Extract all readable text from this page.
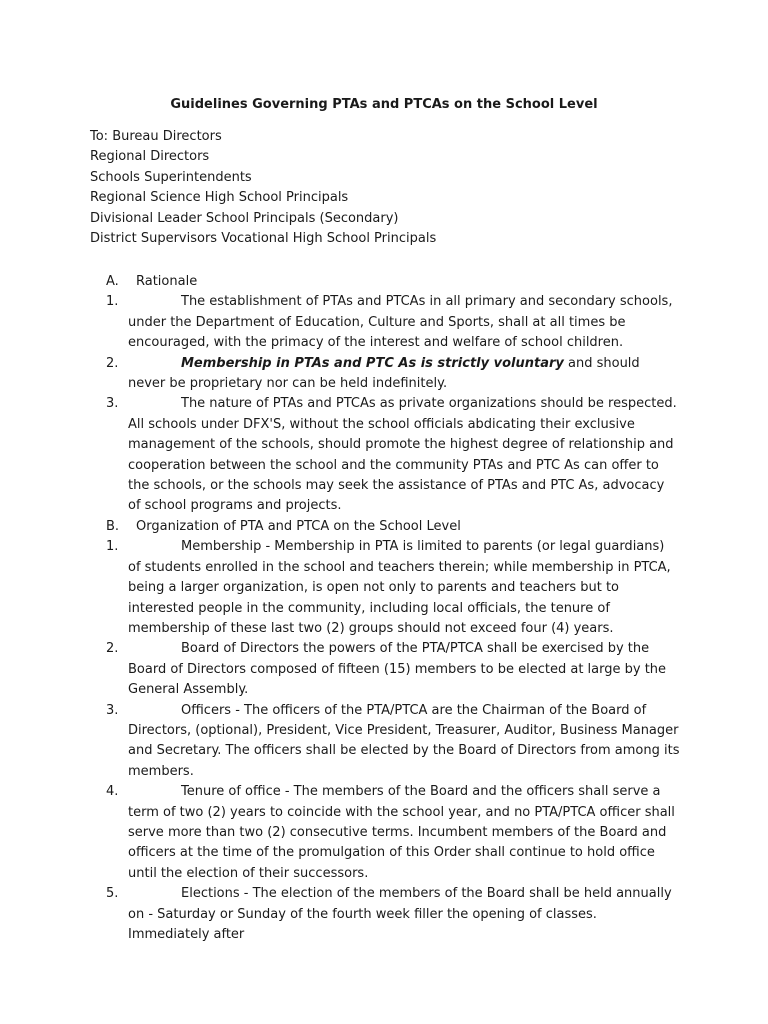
Guidelines Governing PTAs and PTCAs on the School Level
To: Bureau Directors
Regional Directors
Schools Superintendents
Regional Science High School Principals
Divisional Leader School Principals (Secondary)
District Supervisors Vocational High School Principals
A. Rationale
1.	The establishment of PTAs and PTCAs in all primary and secondary schools, under the Department of Education, Culture and Sports, shall at all times be encouraged, with the primacy of the interest and welfare of school children.
2.	Membership in PTAs and PTC As is strictly voluntary and should never be proprietary nor can be held indefinitely.
3.	The nature of PTAs and PTCAs as private organizations should be respected. All schools under DFX'S, without the school officials abdicating their exclusive management of the schools, should promote the highest degree of relationship and cooperation between the school and the community PTAs and PTC As can offer to the schools, or the schools may seek the assistance of PTAs and PTC As, advocacy of school programs and projects.
B. Organization of PTA and PTCA on the School Level
1.	Membership - Membership in PTA is limited to parents (or legal guardians) of students enrolled in the school and teachers therein; while membership in PTCA, being a larger organization, is open not only to parents and teachers but to interested people in the community, including local officials, the tenure of membership of these last two (2) groups should not exceed four (4) years.
2.	Board of Directors the powers of the PTA/PTCA shall be exercised by the Board of Directors composed of fifteen (15) members to be elected at large by the General Assembly.
3.	Officers - The officers of the PTA/PTCA are the Chairman of the Board of Directors, (optional), President, Vice President, Treasurer, Auditor, Business Manager and Secretary. The officers shall be elected by the Board of Directors from among its members.
4.	Tenure of office - The members of the Board and the officers shall serve a term of two (2) years to coincide with the school year, and no PTA/PTCA officer shall serve more than two (2) consecutive terms. Incumbent members of the Board and officers at the time of the promulgation of this Order shall continue to hold office until the election of their successors.
5.	Elections - The election of the members of the Board shall be held annually on - Saturday or Sunday of the fourth week filler the opening of classes. Immediately after
